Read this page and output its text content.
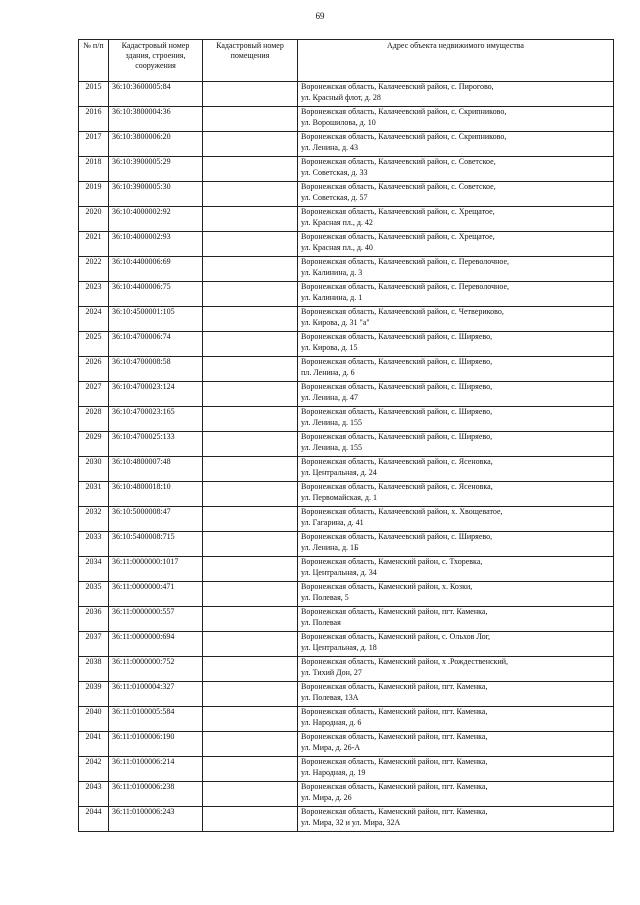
69
№ п/п	Кадастровый номер здания, строения, сооружения	Кадастровый номер помещения	Адрес объекта недвижимого имущества
2015	36:10:3600005:84		Воронежская область, Калачеевский район, с. Пирогово,
ул. Красный флот, д. 28

2016	36:10:3800004:36		Воронежская область, Калачеевский район, с. Скрипниково,
ул. Ворошилова, д. 10

2017	36:10:3800006:20		Воронежская область, Калачеевский район, с. Скрипниково,
ул. Ленина, д. 43

2018	36:10:3900005:29		Воронежская область, Калачеевский район, с. Советское,
ул. Советская, д. 33

2019	36:10:3900005:30		Воронежская область, Калачеевский район, с. Советское,
ул. Советская, д. 57

2020	36:10:4000002:92		Воронежская область, Калачеевский район, с. Хрещатое,
ул. Красная пл., д. 42

2021	36:10:4000002:93		Воронежская область, Калачеевский район, с. Хрещатое,
ул. Красная пл., д. 40

2022	36:10:4400006:69		Воронежская область, Калачеевский район, с. Переволочное,
ул. Калинина, д. 3

2023	36:10:4400006:75		Воронежская область, Калачеевский район, с. Переволочное,
ул. Калинина, д. 1

2024	36:10:4500001:105		Воронежская область, Калачеевский район, с. Четвериково,
ул. Кирова, д. 31 "а"

2025	36:10:4700006:74		Воронежская область, Калачеевский район, с. Ширяево,
ул. Кирова, д. 15

2026	36:10:4700008:58		Воронежская область, Калачеевский район, с. Ширяево,
пл. Ленина, д. 6

2027	36:10:4700023:124		Воронежская область, Калачеевский район, с. Ширяево,
ул. Ленина, д. 47

2028	36:10:4700023:165		Воронежская область, Калачеевский район, с. Ширяево,
ул. Ленина, д. 155

2029	36:10:4700025:133		Воронежская область, Калачеевский район, с. Ширяево,
ул. Ленина, д. 155

2030	36:10:4800007:48		Воронежская область, Калачеевский район, с. Ясеновка,
ул. Центральная, д. 24

2031	36:10:4800018:10		Воронежская область, Калачеевский район, с. Ясеновка,
ул. Первомайская, д. 1

2032	36:10:5000008:47		Воронежская область, Калачеевский район, х. Хвощеватое,
ул. Гагарина, д. 41

2033	36:10:5400008:715		Воронежская область, Калачеевский район, с. Ширяево,
ул. Ленина, д. 1Б

2034	36:11:0000000:1017		Воронежская область, Каменский район, с. Тхоревка,
ул. Центральная, д. 34

2035	36:11:0000000:471		Воронежская область, Каменский район, х. Козки,
ул. Полевая, 5

2036	36:11:0000000:557		Воронежская область, Каменский район, пгт. Каменка,
ул. Полевая

2037	36:11:0000000:694		Воронежская область, Каменский район, с. Ольхов Лог,
ул. Центральная, д. 18

2038	36:11:0000000:752		Воронежская область, Каменский район, х .Рождественский,
ул. Тихий Дон, 27

2039	36:11:0100004:327		Воронежская область, Каменский район, пгт. Каменка,
ул. Полевая, 13А

2040	36:11:0100005:584		Воронежская область, Каменский район, пгт. Каменка,
ул. Народная, д. 6

2041	36:11:0100006:190		Воронежская область, Каменский район, пгт. Каменка,
ул. Мира, д. 26-А

2042	36:11:0100006:214		Воронежская область, Каменский район, пгт. Каменка,
ул. Народная, д. 19

2043	36:11:0100006:238		Воронежская область, Каменский район, пгт. Каменка,
ул. Мира, д. 26

2044	36:11:0100006:243		Воронежская область, Каменский район, пгт. Каменка,
ул. Мира, 32 и ул. Мира, 32А
